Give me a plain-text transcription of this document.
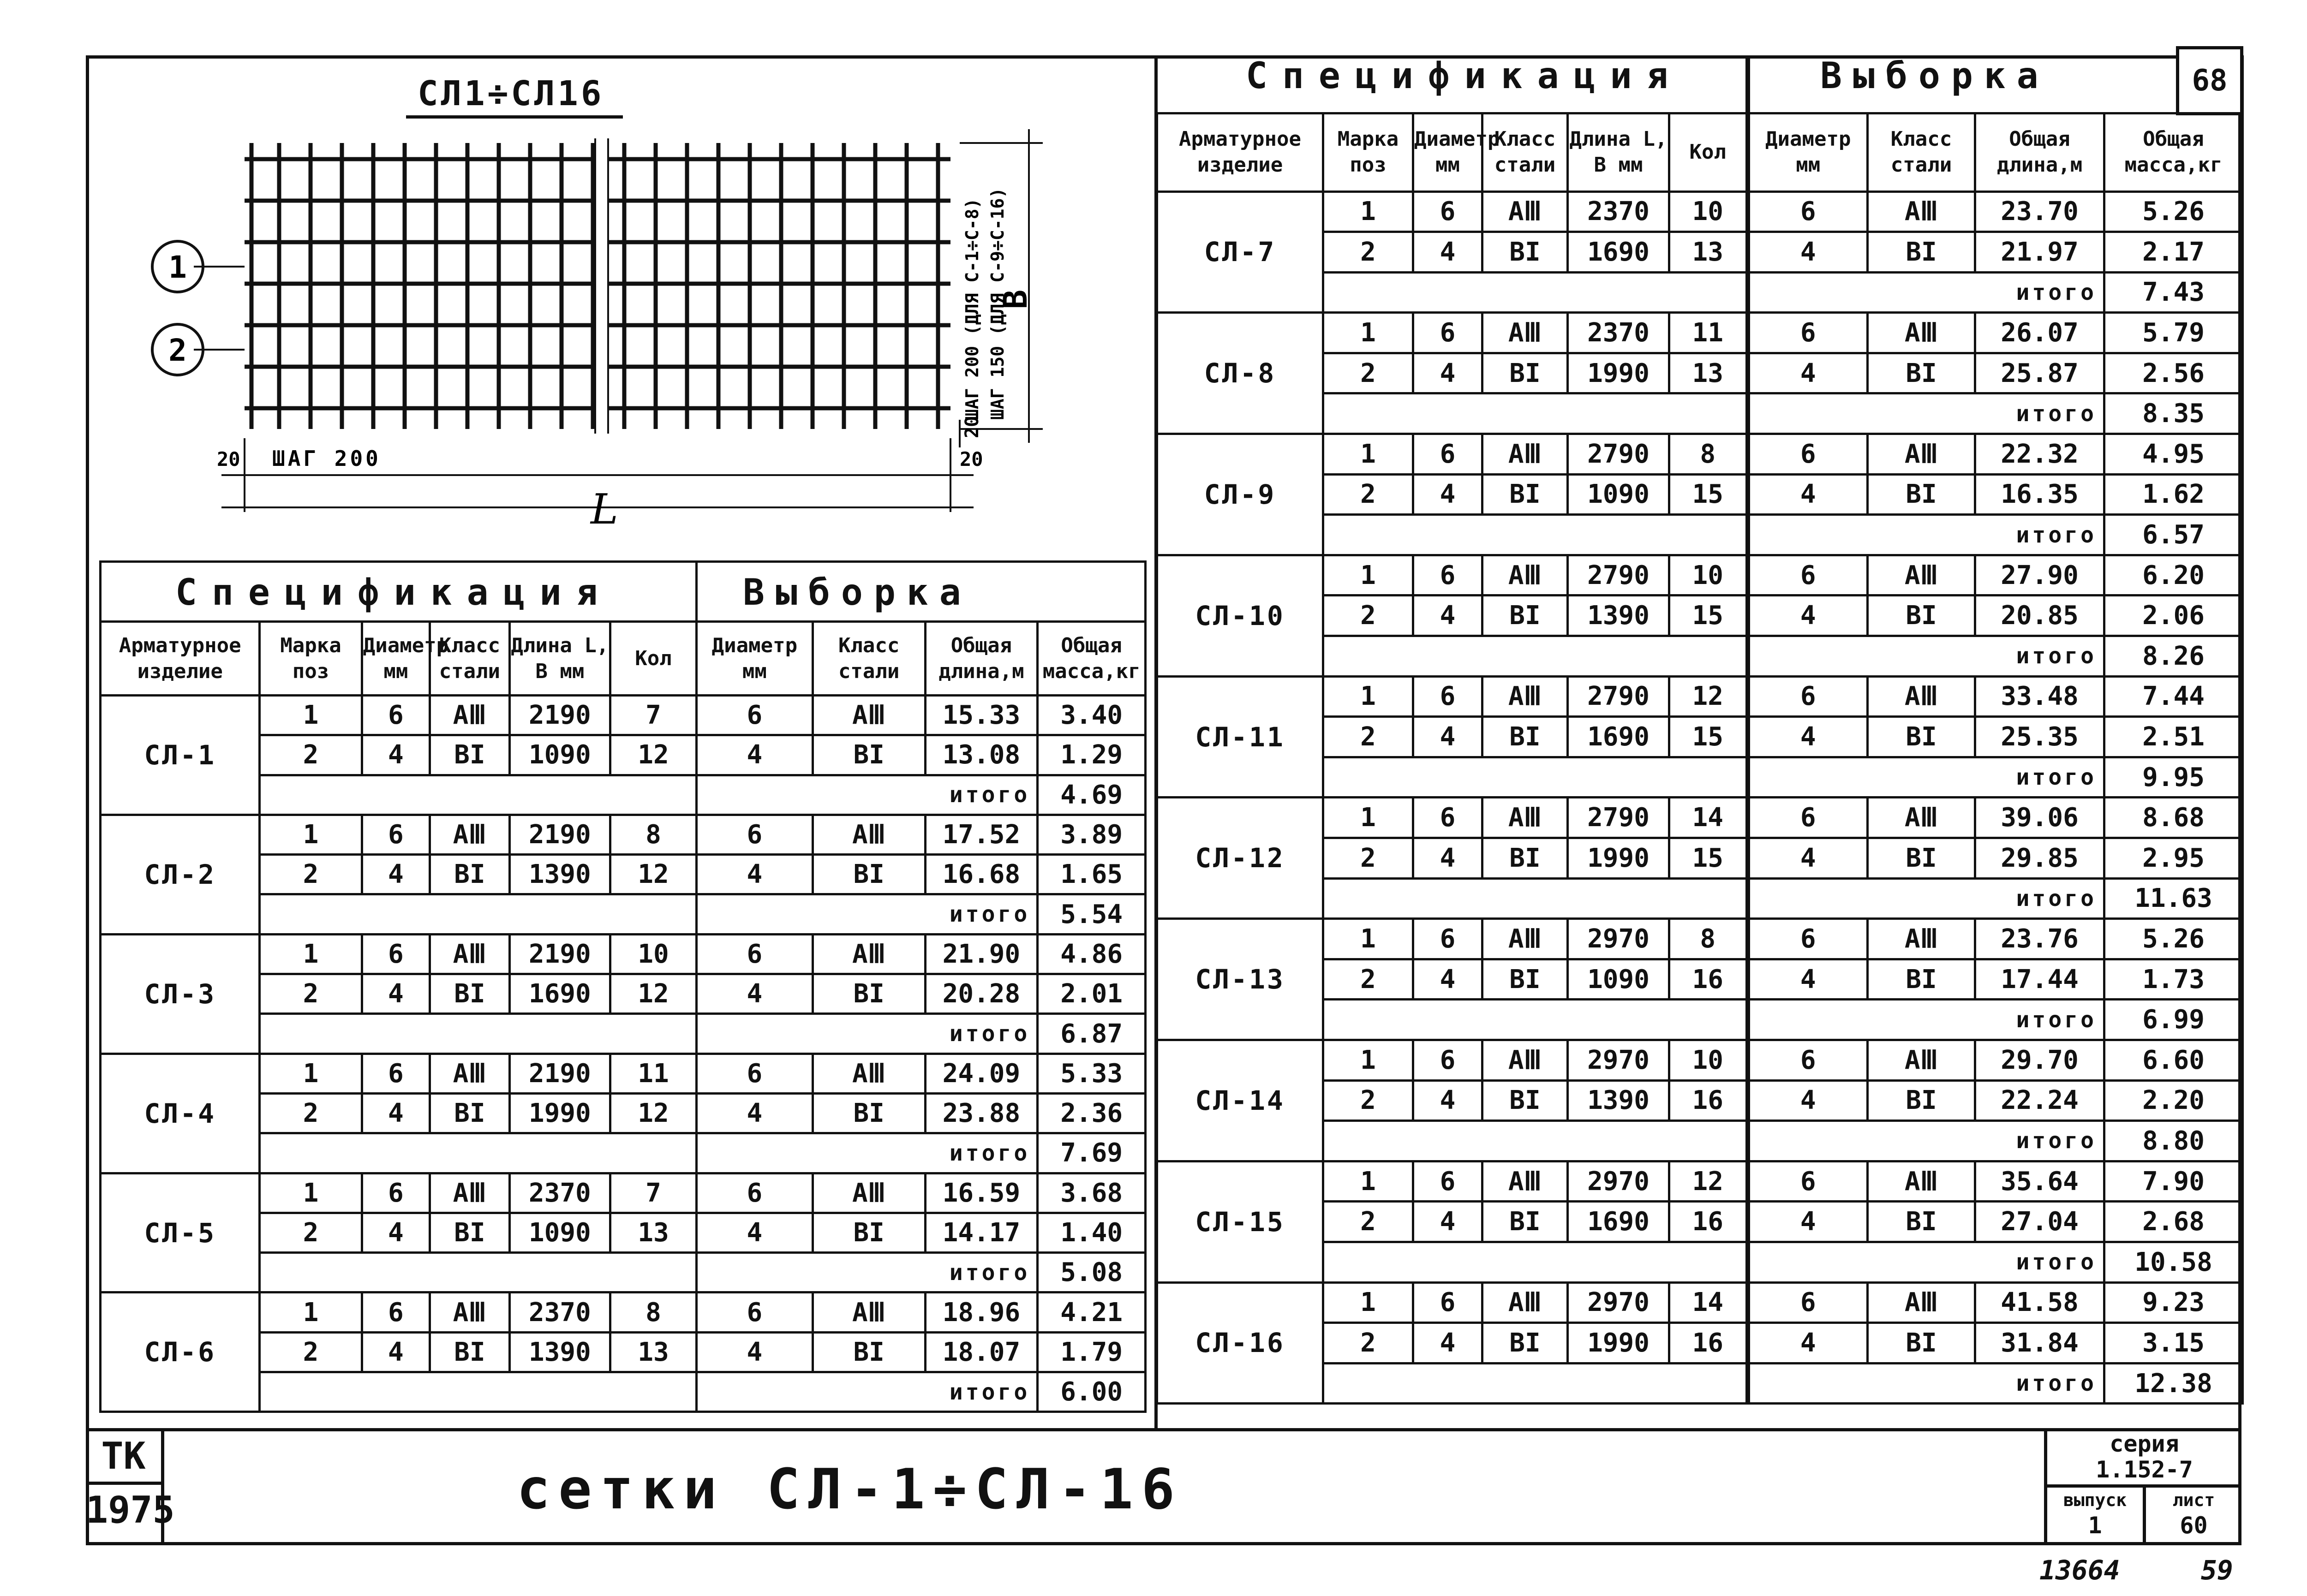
68
СЛ1÷СЛ16
1
2
ШАГ 200
20	20
L
20
ШАГ 200 (ДЛЯ С-1÷С-8) ШАГ 150 (ДЛЯ С-9÷С-16)
В
Спецификация	Выборка

Арматурное изделие	Марка поз	Диаметр мм	Класс стали	Длина L, В мм	Кол	Диаметр мм	Класс стали	Общая длина,м	Общая масса,кг
СЛ-1	1	6	AⅢ	2190	7	6	AⅢ	15.33	3.40
	2	4	BI	1090	12	4	BI	13.08	1.29
						итого			4.69
СЛ-2	1	6	AⅢ	2190	8	6	AⅢ	17.52	3.89
	2	4	BI	1390	12	4	BI	16.68	1.65
						итого			5.54
СЛ-3	1	6	AⅢ	2190	10	6	AⅢ	21.90	4.86
	2	4	BI	1690	12	4	BI	20.28	2.01
						итого			6.87
СЛ-4	1	6	AⅢ	2190	11	6	AⅢ	24.09	5.33
	2	4	BI	1990	12	4	BI	23.88	2.36
						итого			7.69
СЛ-5	1	6	AⅢ	2370	7	6	AⅢ	16.59	3.68
	2	4	BI	1090	13	4	BI	14.17	1.40
						итого			5.08
СЛ-6	1	6	AⅢ	2370	8	6	AⅢ	18.96	4.21
	2	4	BI	1390	13	4	BI	18.07	1.79
						итого			6.00
Спецификация	Выборка

Арматурное изделие	Марка поз	Диаметр мм	Класс стали	Длина L, В мм	Кол	Диаметр мм	Класс стали	Общая длина,м	Общая масса,кг
СЛ-7	1	6	AⅢ	2370	10	6	AⅢ	23.70	5.26
	2	4	BI	1690	13	4	BI	21.97	2.17
						итого			7.43
СЛ-8	1	6	AⅢ	2370	11	6	AⅢ	26.07	5.79
	2	4	BI	1990	13	4	BI	25.87	2.56
						итого			8.35
СЛ-9	1	6	AⅢ	2790	8	6	AⅢ	22.32	4.95
	2	4	BI	1090	15	4	BI	16.35	1.62
						итого			6.57
СЛ-10	1	6	AⅢ	2790	10	6	AⅢ	27.90	6.20
	2	4	BI	1390	15	4	BI	20.85	2.06
						итого			8.26
СЛ-11	1	6	AⅢ	2790	12	6	AⅢ	33.48	7.44
	2	4	BI	1690	15	4	BI	25.35	2.51
						итого			9.95
СЛ-12	1	6	AⅢ	2790	14	6	AⅢ	39.06	8.68
	2	4	BI	1990	15	4	BI	29.85	2.95
						итого			11.63
СЛ-13	1	6	AⅢ	2970	8	6	AⅢ	23.76	5.26
	2	4	BI	1090	16	4	BI	17.44	1.73
						итого			6.99
СЛ-14	1	6	AⅢ	2970	10	6	AⅢ	29.70	6.60
	2	4	BI	1390	16	4	BI	22.24	2.20
						итого			8.80
СЛ-15	1	6	AⅢ	2970	12	6	AⅢ	35.64	7.90
	2	4	BI	1690	16	4	BI	27.04	2.68
						итого			10.58
СЛ-16	1	6	AⅢ	2970	14	6	AⅢ	41.58	9.23
	2	4	BI	1990	16	4	BI	31.84	3.15
						итого			12.38
ТК
1975	сетки СЛ-1÷СЛ-16
серия
1.152-7
выпуск
1
лист
60
13664	59
